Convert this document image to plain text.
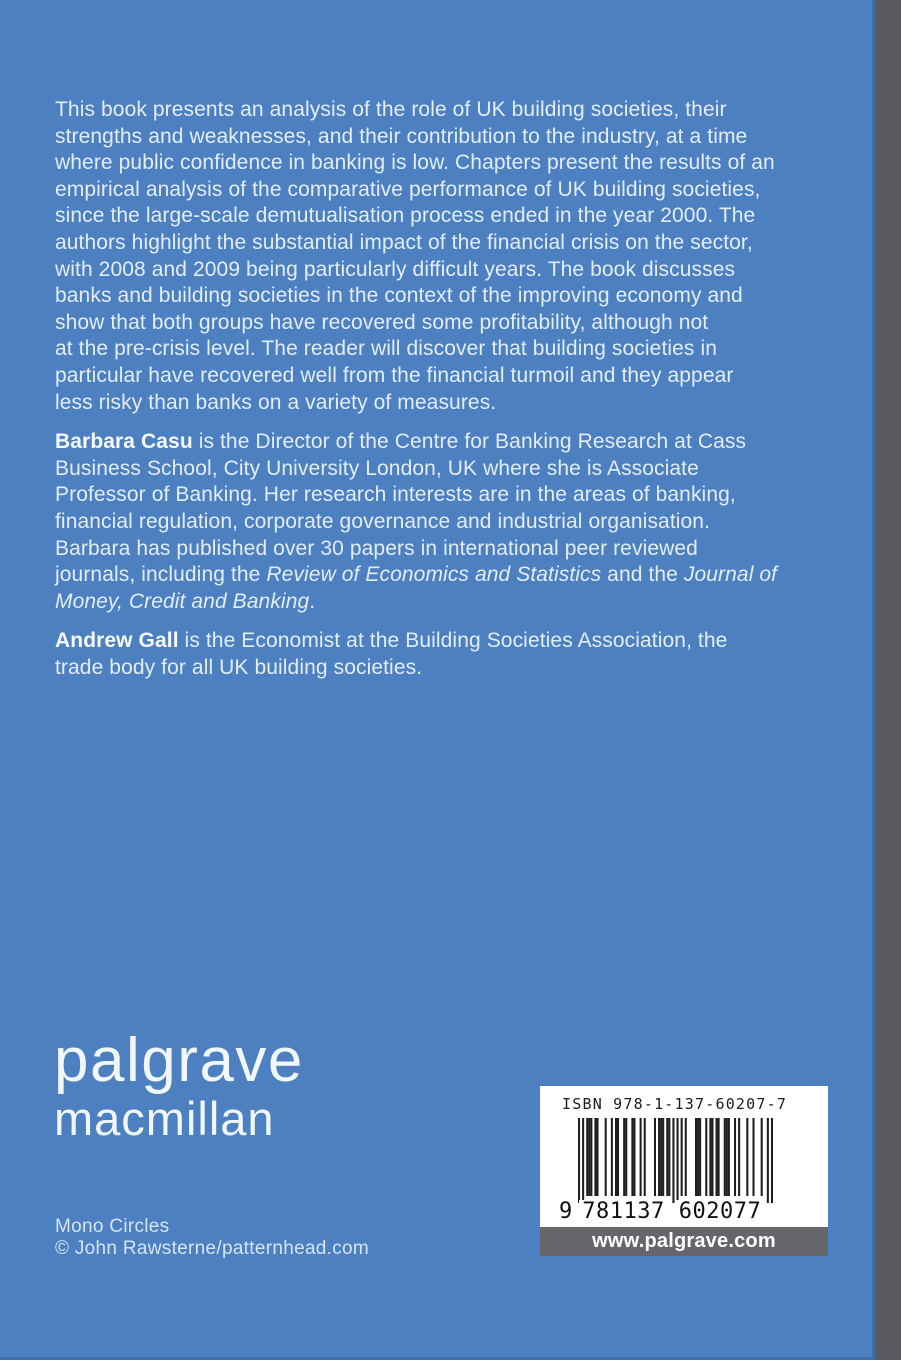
This book presents an analysis of the role of UK building societies, their
strengths and weaknesses, and their contribution to the industry, at a time
where public confidence in banking is low. Chapters present the results of an
empirical analysis of the comparative performance of UK building societies,
since the large-scale demutualisation process ended in the year 2000. The
authors highlight the substantial impact of the financial crisis on the sector,
with 2008 and 2009 being particularly difficult years. The book discusses
banks and building societies in the context of the improving economy and
show that both groups have recovered some profitability, although not
at the pre-crisis level. The reader will discover that building societies in
particular have recovered well from the financial turmoil and they appear
less risky than banks on a variety of measures.
Barbara Casu is the Director of the Centre for Banking Research at Cass
Business School, City University London, UK where she is Associate
Professor of Banking. Her research interests are in the areas of banking,
financial regulation, corporate governance and industrial organisation.
Barbara has published over 30 papers in international peer reviewed
journals, including the Review of Economics and Statistics and the Journal of
Money, Credit and Banking.
Andrew Gall is the Economist at the Building Societies Association, the
trade body for all UK building societies.
palgrave
macmillan
Mono Circles
© John Rawsterne/patternhead.com
ISBN 978-1-137-60207-7
9 781137 602077
www.palgrave.com
